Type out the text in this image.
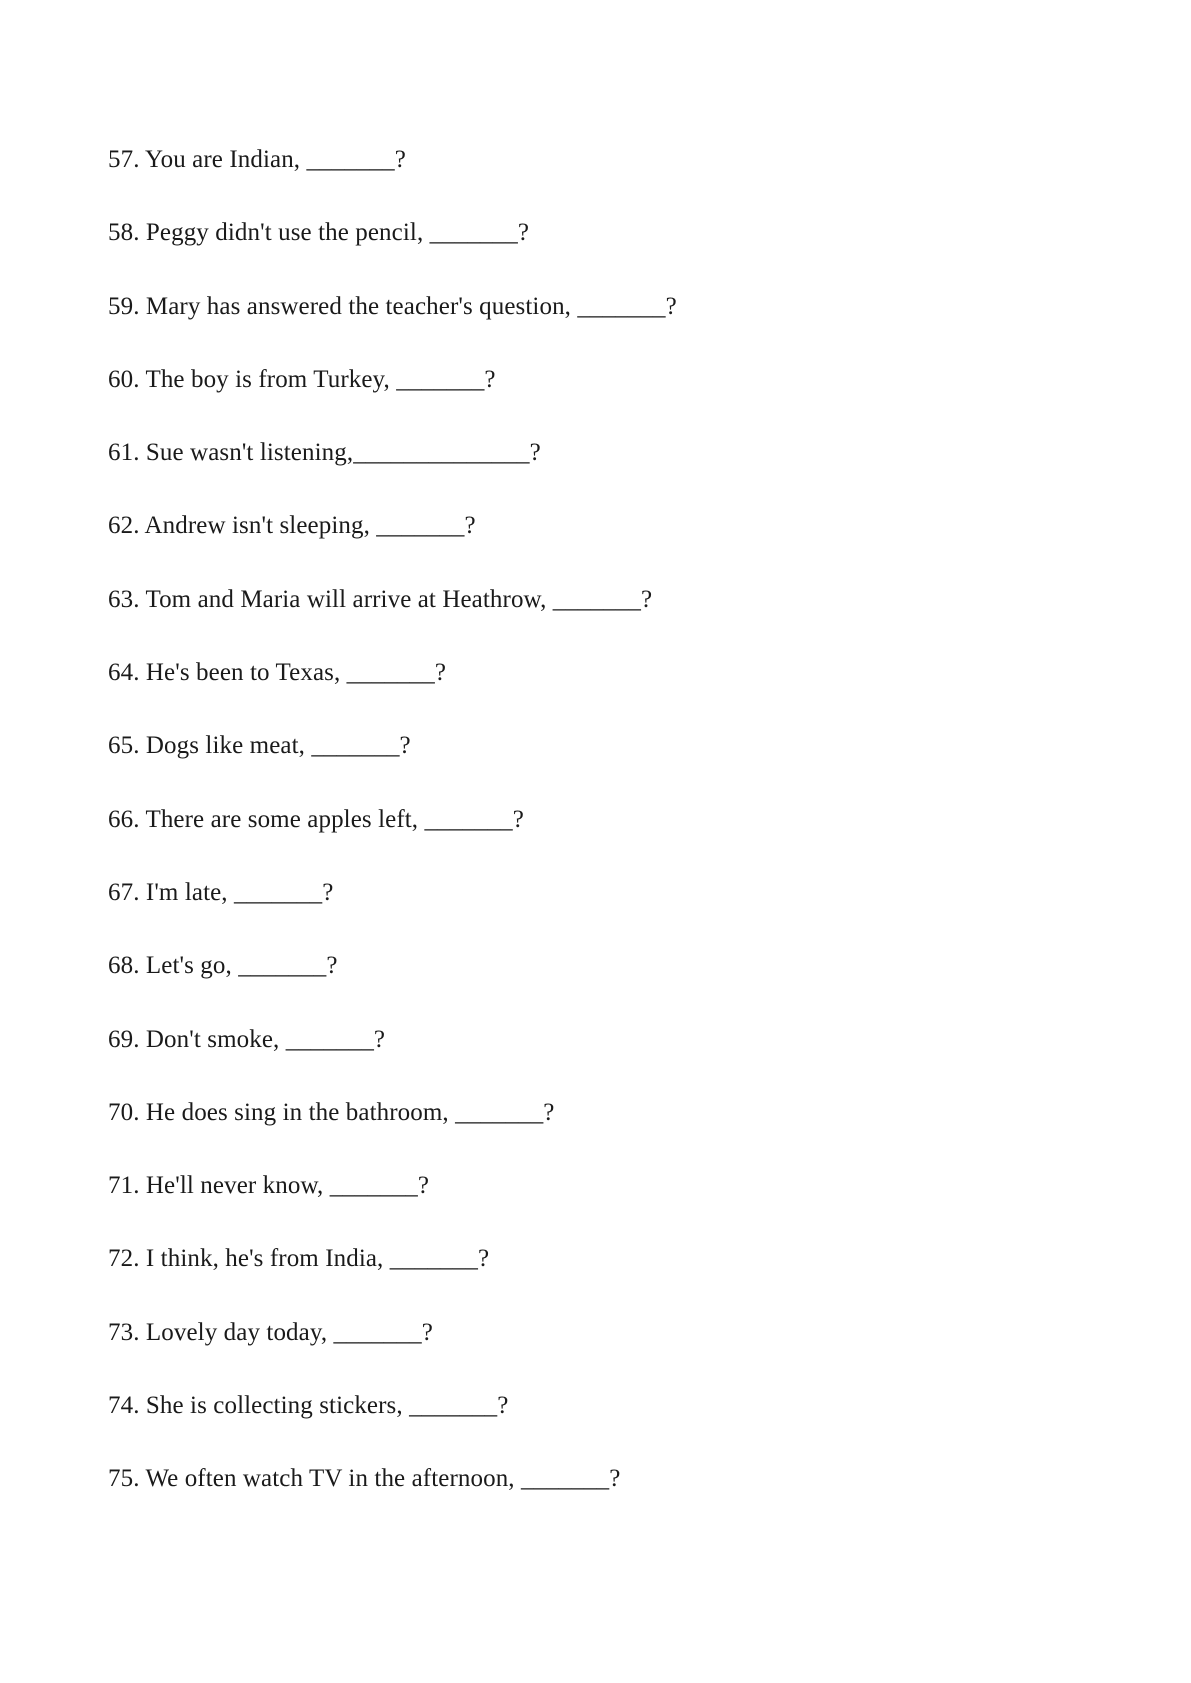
57. You are Indian, _______?
58. Peggy didn't use the pencil, _______?
59. Mary has answered the teacher's question, _______?
60. The boy is from Turkey, _______?
61. Sue wasn't listening,______________?
62. Andrew isn't sleeping, _______?
63. Tom and Maria will arrive at Heathrow, _______?
64. He's been to Texas, _______?
65. Dogs like meat, _______?
66. There are some apples left, _______?
67. I'm late, _______?
68. Let's go, _______?
69. Don't smoke, _______?
70. He does sing in the bathroom, _______?
71. He'll never know, _______?
72. I think, he's from India, _______?
73. Lovely day today, _______?
74. She is collecting stickers, _______?
75. We often watch TV in the afternoon, _______?
